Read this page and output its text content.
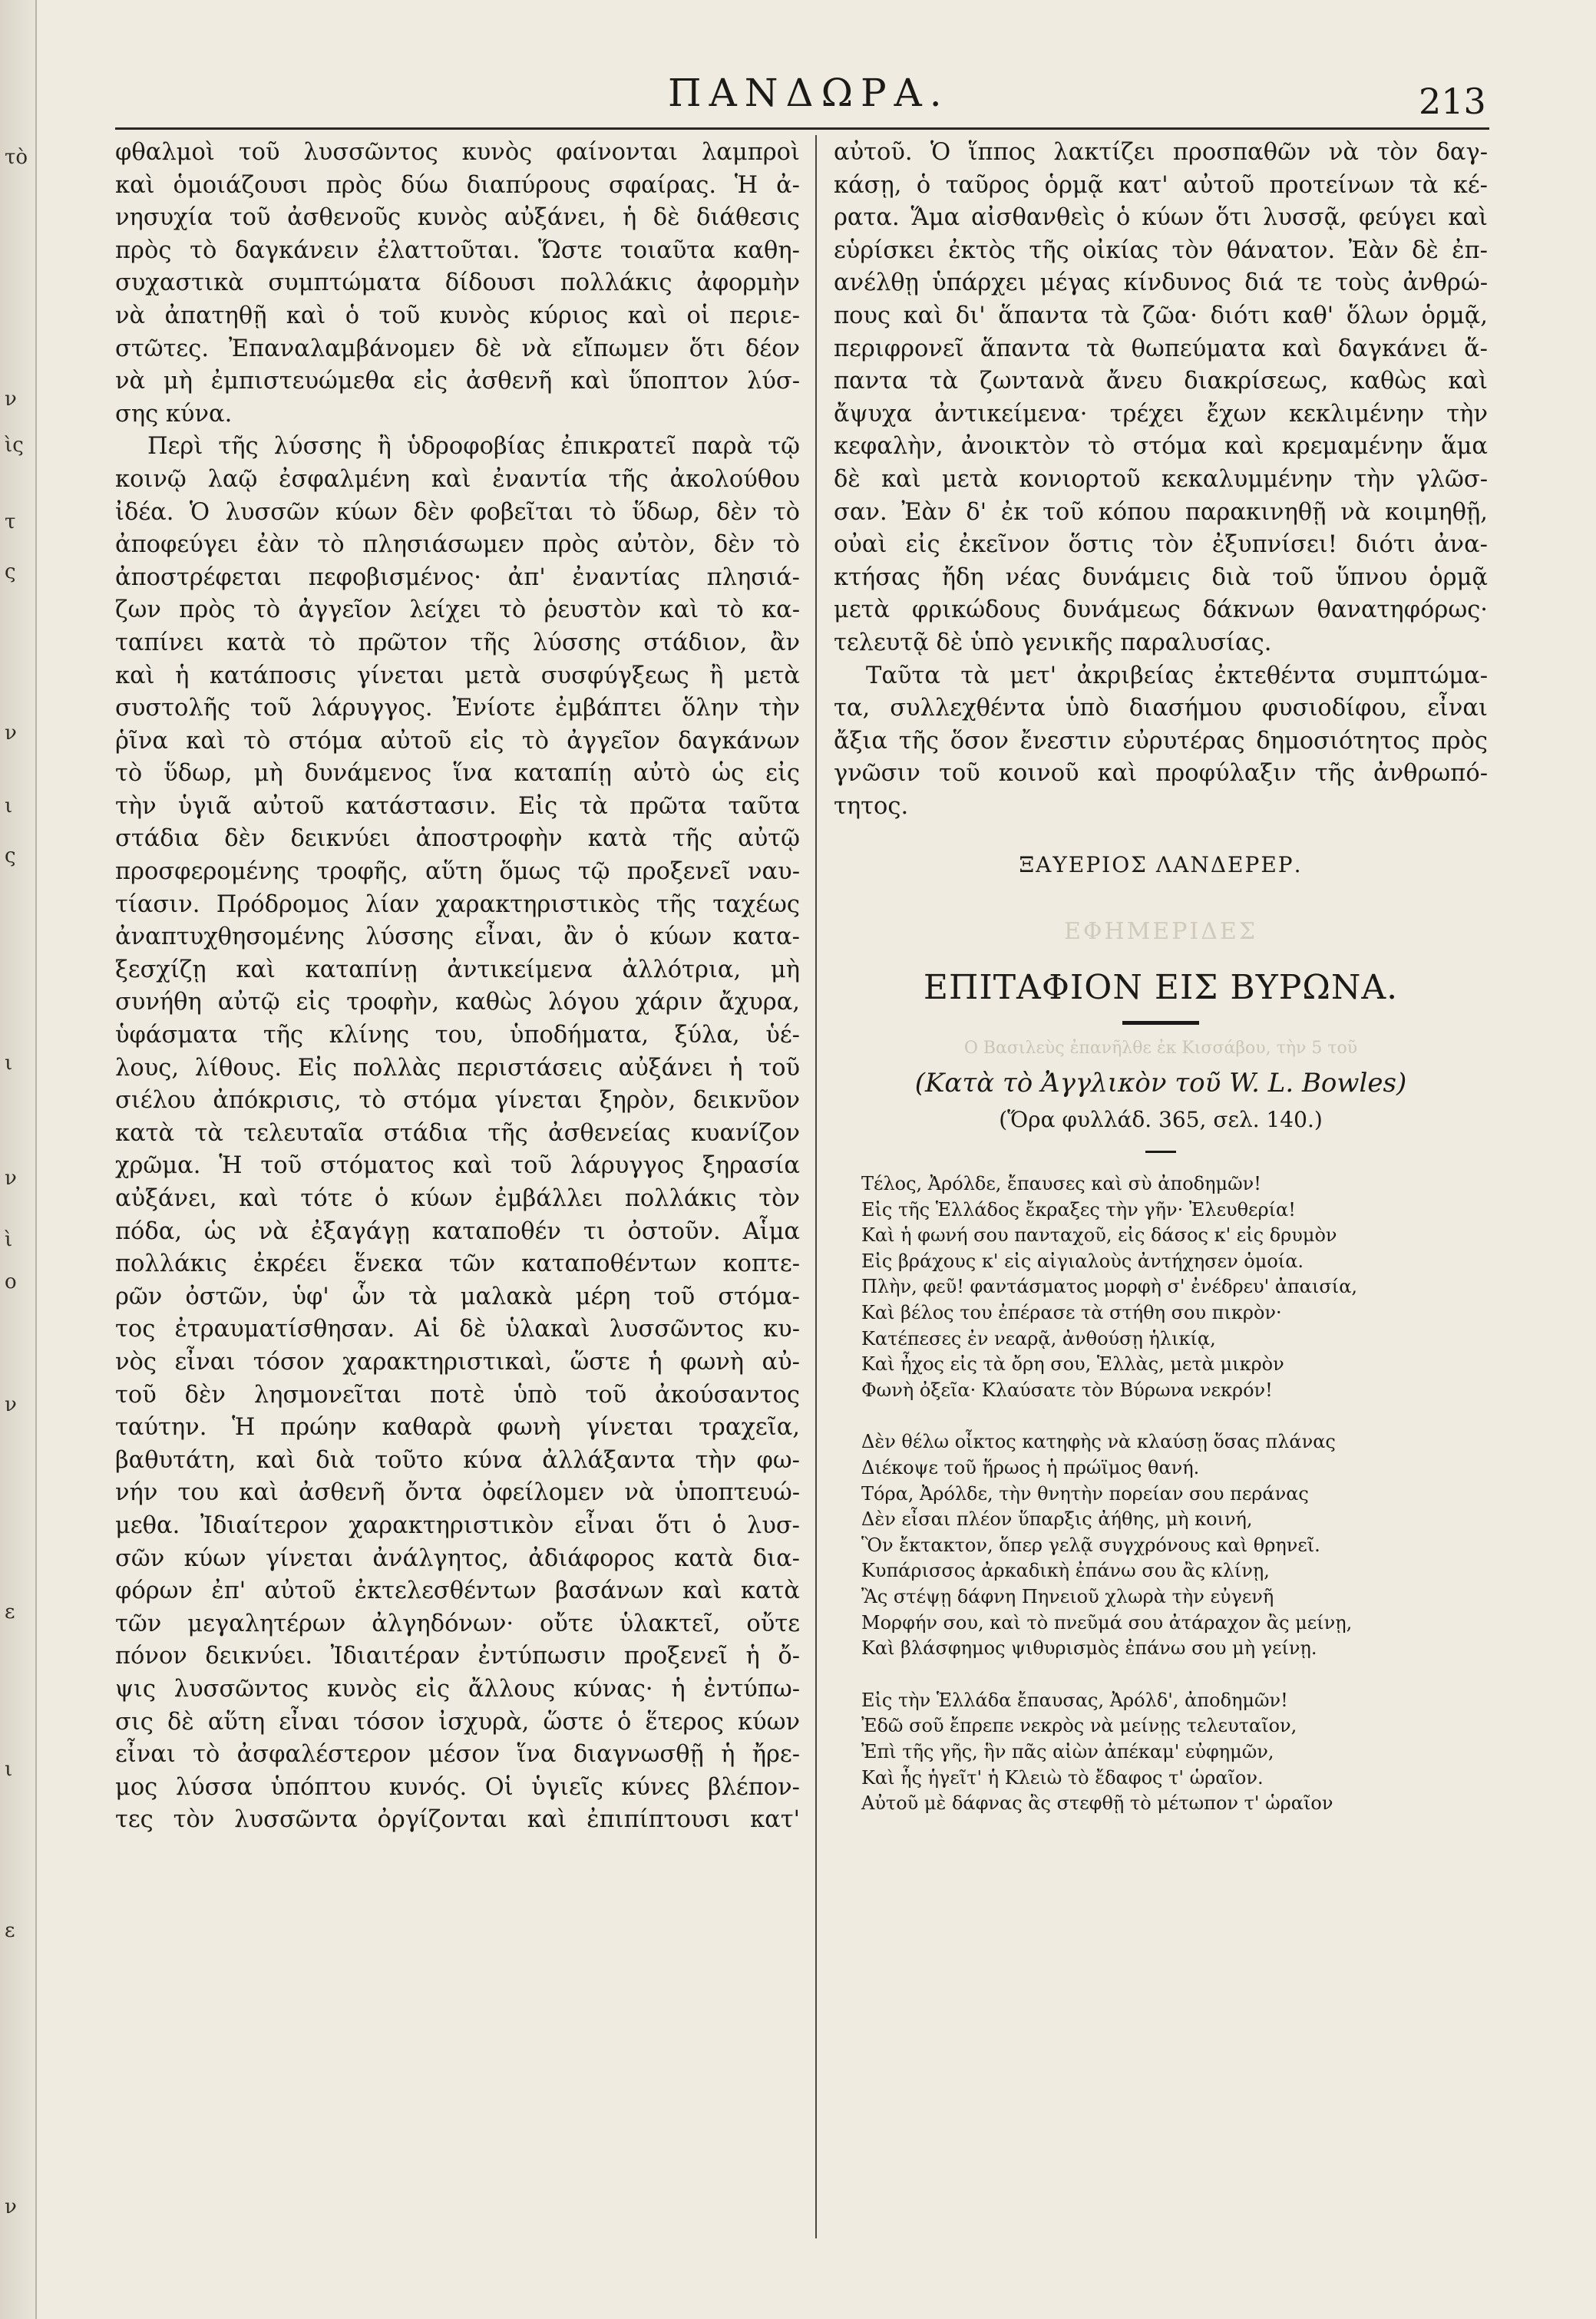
τὸ
ν
ὶς
τ
ς
ν
ι
ς
ι
ν
ὶ
ο
ν
ε
ι
ε
ν
ΠΑΝΔΩΡΑ.	213
φθαλμοὶ τοῦ λυσσῶντος κυνὸς φαίνονται λαμπροὶ
καὶ ὁμοιάζουσι πρὸς δύω διαπύρους σφαίρας. Ἡ ἀ-
νησυχία τοῦ ἀσθενοῦς κυνὸς αὐξάνει, ἡ δὲ διάθεσις
πρὸς τὸ δαγκάνειν ἐλαττοῦται. Ὥστε τοιαῦτα καθη-
συχαστικὰ συμπτώματα δίδουσι πολλάκις ἀφορμὴν
νὰ ἀπατηθῇ καὶ ὁ τοῦ κυνὸς κύριος καὶ οἱ περιε-
στῶτες. Ἐπαναλαμβάνομεν δὲ νὰ εἴπωμεν ὅτι δέον
νὰ μὴ ἐμπιστευώμεθα εἰς ἀσθενῆ καὶ ὕποπτον λύσ-
σης κύνα.
Περὶ τῆς λύσσης ἢ ὑδροφοβίας ἐπικρατεῖ παρὰ τῷ
κοινῷ λαῷ ἐσφαλμένη καὶ ἐναντία τῆς ἀκολούθου
ἰδέα. Ὁ λυσσῶν κύων δὲν φοβεῖται τὸ ὕδωρ, δὲν τὸ
ἀποφεύγει ἐὰν τὸ πλησιάσωμεν πρὸς αὐτὸν, δὲν τὸ
ἀποστρέφεται πεφοβισμένος· ἀπ' ἐναντίας πλησιά-
ζων πρὸς τὸ ἀγγεῖον λείχει τὸ ῥευστὸν καὶ τὸ κα-
ταπίνει κατὰ τὸ πρῶτον τῆς λύσσης στάδιον, ἂν
καὶ ἡ κατάποσις γίνεται μετὰ συσφύγξεως ἢ μετὰ
συστολῆς τοῦ λάρυγγος. Ἐνίοτε ἐμβάπτει ὅλην τὴν
ῥῖνα καὶ τὸ στόμα αὐτοῦ εἰς τὸ ἀγγεῖον δαγκάνων
τὸ ὕδωρ, μὴ δυνάμενος ἵνα καταπίῃ αὐτὸ ὡς εἰς
τὴν ὑγιᾶ αὐτοῦ κατάστασιν. Εἰς τὰ πρῶτα ταῦτα
στάδια δὲν δεικνύει ἀποστροφὴν κατὰ τῆς αὐτῷ
προσφερομένης τροφῆς, αὕτη ὅμως τῷ προξενεῖ ναυ-
τίασιν. Πρόδρομος λίαν χαρακτηριστικὸς τῆς ταχέως
ἀναπτυχθησομένης λύσσης εἶναι, ἂν ὁ κύων κατα-
ξεσχίζῃ καὶ καταπίνῃ ἀντικείμενα ἀλλότρια, μὴ
συνήθη αὐτῷ εἰς τροφὴν, καθὼς λόγου χάριν ἄχυρα,
ὑφάσματα τῆς κλίνης του, ὑποδήματα, ξύλα, ὑέ-
λους, λίθους. Εἰς πολλὰς περιστάσεις αὐξάνει ἡ τοῦ
σιέλου ἀπόκρισις, τὸ στόμα γίνεται ξηρὸν, δεικνῦον
κατὰ τὰ τελευταῖα στάδια τῆς ἀσθενείας κυανίζον
χρῶμα. Ἡ τοῦ στόματος καὶ τοῦ λάρυγγος ξηρασία
αὐξάνει, καὶ τότε ὁ κύων ἐμβάλλει πολλάκις τὸν
πόδα, ὡς νὰ ἐξαγάγῃ καταποθέν τι ὀστοῦν. Αἷμα
πολλάκις ἐκρέει ἕνεκα τῶν καταποθέντων κοπτε-
ρῶν ὀστῶν, ὑφ' ὧν τὰ μαλακὰ μέρη τοῦ στόμα-
τος ἐτραυματίσθησαν. Αἱ δὲ ὑλακαὶ λυσσῶντος κυ-
νὸς εἶναι τόσον χαρακτηριστικαὶ, ὥστε ἡ φωνὴ αὐ-
τοῦ δὲν λησμονεῖται ποτὲ ὑπὸ τοῦ ἀκούσαντος
ταύτην. Ἡ πρώην καθαρὰ φωνὴ γίνεται τραχεῖα,
βαθυτάτη, καὶ διὰ τοῦτο κύνα ἀλλάξαντα τὴν φω-
νήν του καὶ ἀσθενῆ ὄντα ὀφείλομεν νὰ ὑποπτευώ-
μεθα. Ἰδιαίτερον χαρακτηριστικὸν εἶναι ὅτι ὁ λυσ-
σῶν κύων γίνεται ἀνάλγητος, ἀδιάφορος κατὰ δια-
φόρων ἐπ' αὐτοῦ ἐκτελεσθέντων βασάνων καὶ κατὰ
τῶν μεγαλητέρων ἀλγηδόνων· οὔτε ὑλακτεῖ, οὔτε
πόνον δεικνύει. Ἰδιαιτέραν ἐντύπωσιν προξενεῖ ἡ ὄ-
ψις λυσσῶντος κυνὸς εἰς ἄλλους κύνας· ἡ ἐντύπω-
σις δὲ αὕτη εἶναι τόσον ἰσχυρὰ, ὥστε ὁ ἕτερος κύων
εἶναι τὸ ἀσφαλέστερον μέσον ἵνα διαγνωσθῇ ἡ ἤρε-
μος λύσσα ὑπόπτου κυνός. Οἱ ὑγιεῖς κύνες βλέπον-
τες τὸν λυσσῶντα ὀργίζονται καὶ ἐπιπίπτουσι κατ'
αὐτοῦ. Ὁ ἵππος λακτίζει προσπαθῶν νὰ τὸν δαγ-
κάσῃ, ὁ ταῦρος ὁρμᾷ κατ' αὐτοῦ προτείνων τὰ κέ-
ρατα. Ἅμα αἰσθανθεὶς ὁ κύων ὅτι λυσσᾷ, φεύγει καὶ
εὑρίσκει ἐκτὸς τῆς οἰκίας τὸν θάνατον. Ἐὰν δὲ ἐπ-
ανέλθῃ ὑπάρχει μέγας κίνδυνος διά τε τοὺς ἀνθρώ-
πους καὶ δι' ἅπαντα τὰ ζῶα· διότι καθ' ὅλων ὁρμᾷ,
περιφρονεῖ ἅπαντα τὰ θωπεύματα καὶ δαγκάνει ἅ-
παντα τὰ ζωντανὰ ἄνευ διακρίσεως, καθὼς καὶ
ἄψυχα ἀντικείμενα· τρέχει ἔχων κεκλιμένην τὴν
κεφαλὴν, ἀνοικτὸν τὸ στόμα καὶ κρεμαμένην ἅμα
δὲ καὶ μετὰ κονιορτοῦ κεκαλυμμένην τὴν γλῶσ-
σαν. Ἐὰν δ' ἐκ τοῦ κόπου παρακινηθῇ νὰ κοιμηθῇ,
οὐαὶ εἰς ἐκεῖνον ὅστις τὸν ἐξυπνίσει! διότι ἀνα-
κτήσας ἤδη νέας δυνάμεις διὰ τοῦ ὕπνου ὁρμᾷ
μετὰ φρικώδους δυνάμεως δάκνων θανατηφόρως·
τελευτᾷ δὲ ὑπὸ γενικῆς παραλυσίας.
Ταῦτα τὰ μετ' ἀκριβείας ἐκτεθέντα συμπτώμα-
τα, συλλεχθέντα ὑπὸ διασήμου φυσιοδίφου, εἶναι
ἄξια τῆς ὅσον ἔνεστιν εὐρυτέρας δημοσιότητος πρὸς
γνῶσιν τοῦ κοινοῦ καὶ προφύλαξιν τῆς ἀνθρωπό-
τητος.
ΞΑΥΕΡΙΟΣ ΛΑΝΔΕΡΕΡ.
ΕΦΗΜΕΡΙΔΕΣ
ΕΠΙΤΑΦΙΟΝ ΕΙΣ ΒΥΡΩΝΑ.
Ο Βασιλεὺς ἐπανῆλθε ἐκ Κισσάβου, τὴν 5 τοῦ
(Κατὰ τὸ Ἀγγλικὸν τοῦ W. L. Bowles)
(Ὅρα φυλλάδ. 365, σελ. 140.)
Τέλος, Ἀρόλδε, ἔπαυσες καὶ σὺ ἀποδημῶν!
Εἰς τῆς Ἑλλάδος ἔκραξες τὴν γῆν· Ἐλευθερία!
Καὶ ἡ φωνή σου πανταχοῦ, εἰς δάσος κ' εἰς δρυμὸν
Εἰς βράχους κ' εἰς αἰγιαλοὺς ἀντήχησεν ὁμοία.
Πλὴν, φεῦ! φαντάσματος μορφὴ σ' ἐνέδρευ' ἀπαισία,
Καὶ βέλος του ἐπέρασε τὰ στήθη σου πικρὸν·
Κατέπεσες ἐν νεαρᾷ, ἀνθούσῃ ἡλικίᾳ,
Καὶ ἦχος εἰς τὰ ὄρη σου, Ἑλλὰς, μετὰ μικρὸν
Φωνὴ ὀξεῖα· Κλαύσατε τὸν Βύρωνα νεκρόν!
Δὲν θέλω οἶκτος κατηφὴς νὰ κλαύσῃ ὅσας πλάνας
Διέκοψε τοῦ ἥρωος ἡ πρώϊμος θανή.
Τόρα, Ἀρόλδε, τὴν θνητὴν πορείαν σου περάνας
Δὲν εἶσαι πλέον ὕπαρξις ἀήθης, μὴ κοινή,
Ὃν ἔκτακτον, ὅπερ γελᾷ συγχρόνους καὶ θρηνεῖ.
Κυπάρισσος ἀρκαδικὴ ἐπάνω σου ἂς κλίνῃ,
Ἂς στέψῃ δάφνη Πηνειοῦ χλωρὰ τὴν εὐγενῆ
Μορφήν σου, καὶ τὸ πνεῦμά σου ἀτάραχον ἂς μείνῃ,
Καὶ βλάσφημος ψιθυρισμὸς ἐπάνω σου μὴ γείνῃ.
Εἰς τὴν Ἑλλάδα ἔπαυσας, Ἀρόλδ', ἀποδημῶν!
Ἐδῶ σοῦ ἔπρεπε νεκρὸς νὰ μείνῃς τελευταῖον,
Ἐπὶ τῆς γῆς, ἣν πᾶς αἰὼν ἀπέκαμ' εὐφημῶν,
Καὶ ἧς ἡγεῖτ' ἡ Κλειὼ τὸ ἔδαφος τ' ὡραῖον.
Αὐτοῦ μὲ δάφνας ἂς στεφθῇ τὸ μέτωπον τ' ὡραῖον
